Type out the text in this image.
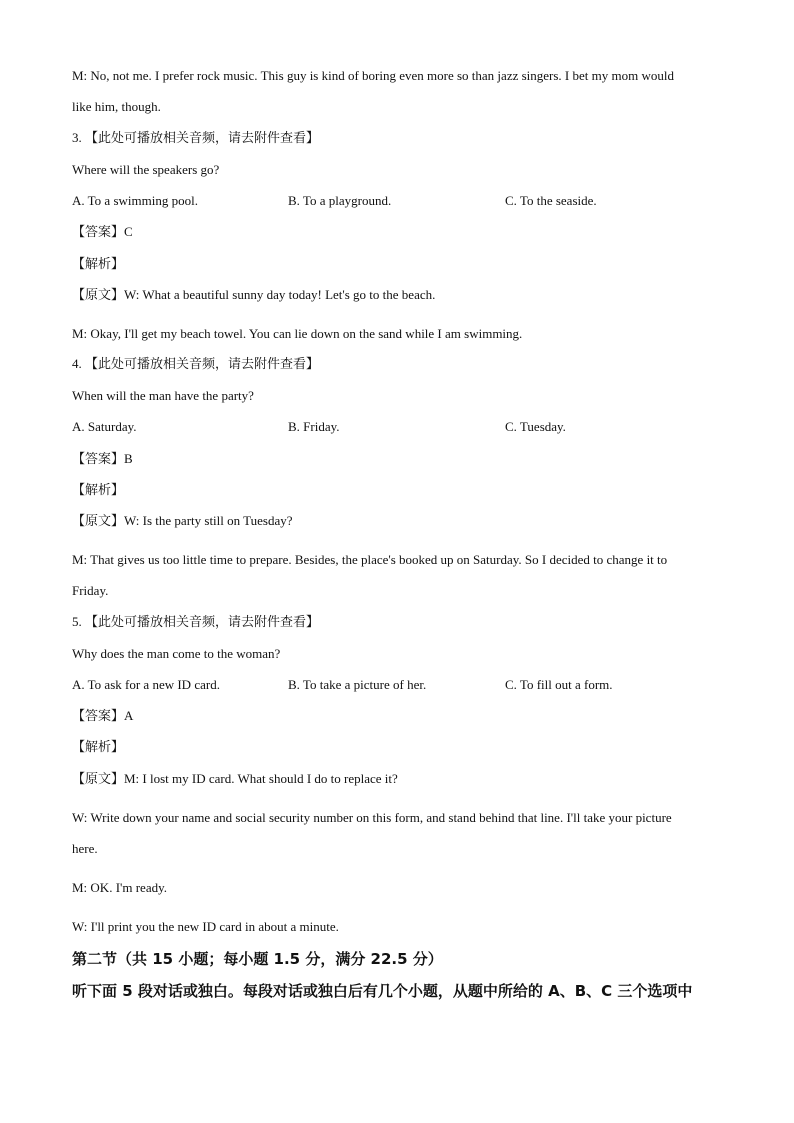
M: No, not me. I prefer rock music. This guy is kind of boring even more so than jazz singers. I bet my mom would
like him, though.
3. 【此处可播放相关音频，请去附件查看】
Where will the speakers go?
A. To a swimming pool.	B. To a playground.	C. To the seaside.
【答案】C
【解析】
【原文】W: What a beautiful sunny day today! Let's go to the beach.
M: Okay, I'll get my beach towel. You can lie down on the sand while I am swimming.
4. 【此处可播放相关音频，请去附件查看】
When will the man have the party?
A. Saturday.	B. Friday.	C. Tuesday.
【答案】B
【解析】
【原文】W: Is the party still on Tuesday?
M: That gives us too little time to prepare. Besides, the place's booked up on Saturday. So I decided to change it to
Friday.
5. 【此处可播放相关音频，请去附件查看】
Why does the man come to the woman?
A. To ask for a new ID card.	B. To take a picture of her.	C. To fill out a form.
【答案】A
【解析】
【原文】M: I lost my ID card. What should I do to replace it?
W: Write down your name and social security number on this form, and stand behind that line. I'll take your picture
here.
M: OK. I'm ready.
W: I'll print you the new ID card in about a minute.
第二节（共 15 小题；每小题 1.5 分，满分 22.5 分）
听下面 5 段对话或独白。每段对话或独白后有几个小题，从题中所给的 A、B、C 三个选项中
